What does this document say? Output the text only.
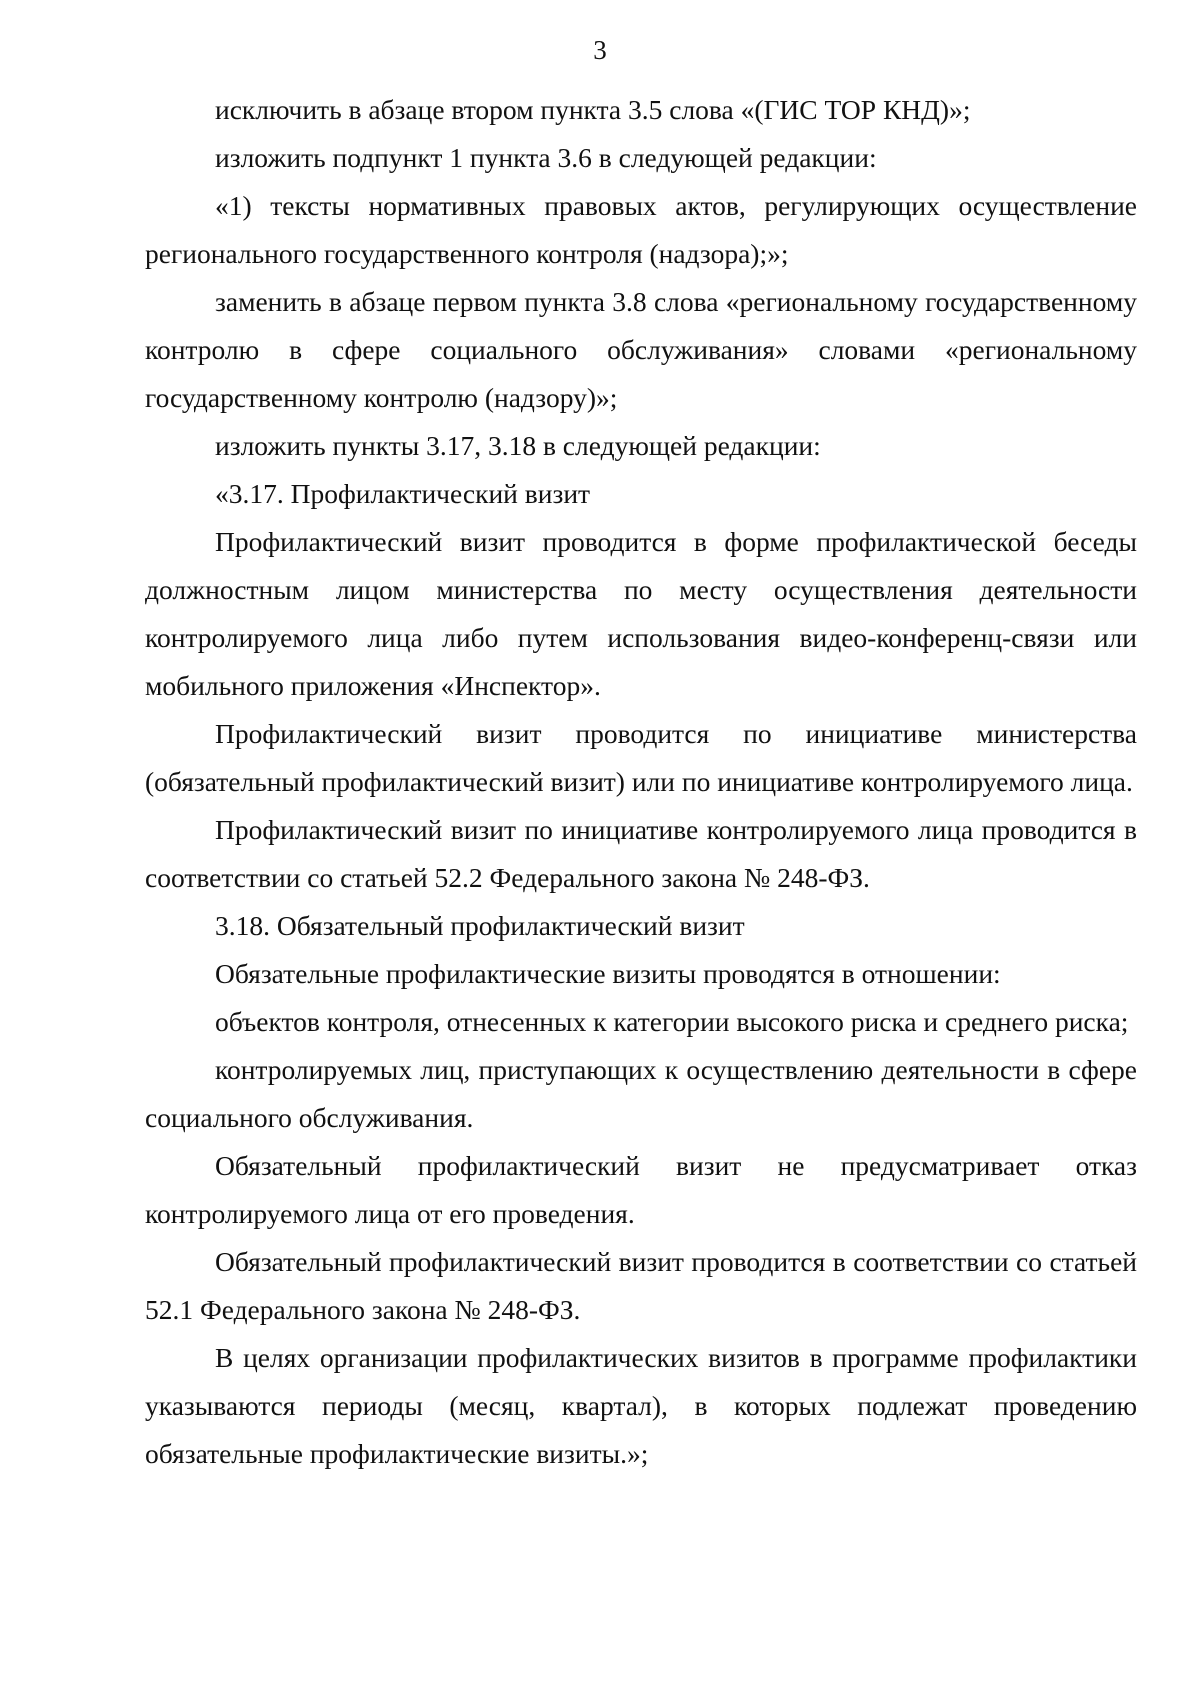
3

исключить в абзаце втором пункта 3.5 слова «(ГИС ТОР КНД)»;

изложить подпункт 1 пункта 3.6 в следующей редакции:

«1) тексты нормативных правовых актов, регулирующих осуществление регионального государственного контроля (надзора);»;

заменить в абзаце первом пункта 3.8 слова «региональному государственному контролю в сфере социального обслуживания» словами «региональному государственному контролю (надзору)»;

изложить пункты 3.17, 3.18 в следующей редакции:

«3.17. Профилактический визит

Профилактический визит проводится в форме профилактической беседы должностным лицом министерства по месту осуществления деятельности контролируемого лица либо путем использования видео-конференц-связи или мобильного приложения «Инспектор».

Профилактический визит проводится по инициативе министерства (обязательный профилактический визит) или по инициативе контролируемого лица.

Профилактический визит по инициативе контролируемого лица проводится в соответствии со статьей 52.2 Федерального закона № 248-ФЗ.

3.18. Обязательный профилактический визит

Обязательные профилактические визиты проводятся в отношении:

объектов контроля, отнесенных к категории высокого риска и среднего риска;

контролируемых лиц, приступающих к осуществлению деятельности в сфере социального обслуживания.

Обязательный профилактический визит не предусматривает отказ контролируемого лица от его проведения.

Обязательный профилактический визит проводится в соответствии со статьей 52.1 Федерального закона № 248-ФЗ.

В целях организации профилактических визитов в программе профилактики указываются периоды (месяц, квартал), в которых подлежат проведению обязательные профилактические визиты.»;
